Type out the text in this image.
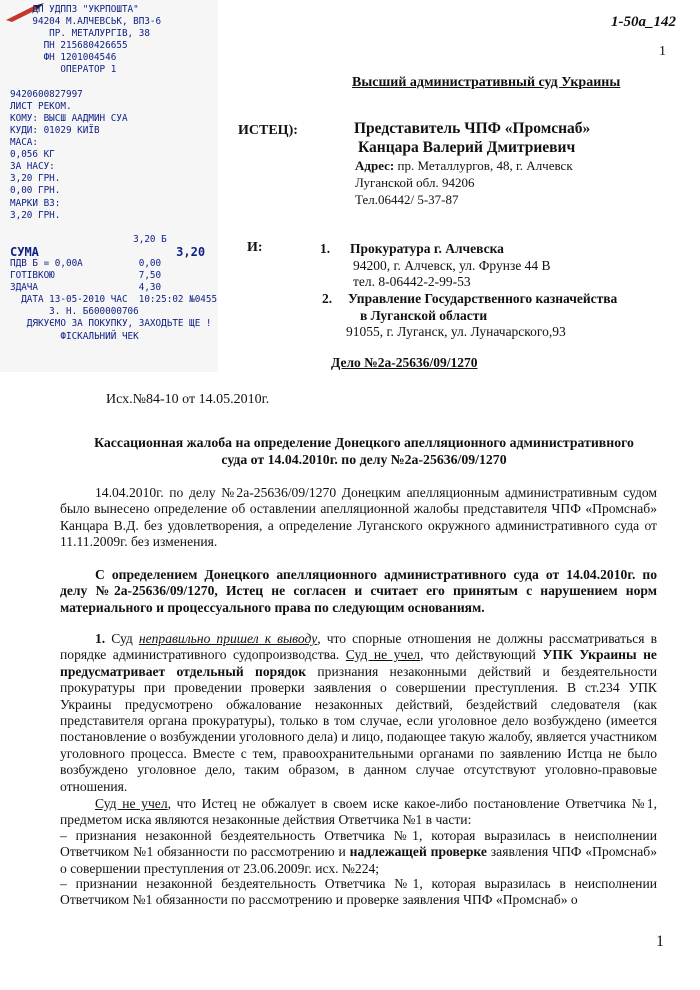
1-50a_142
1
ДП УДППЗ "УКРПОШТА"
94204 М.АЛЧЕВСЬК, ВПЗ-6
ПР. МЕТАЛУРГІВ, 38
ПН 215680426655
ФН 1201004546
ОПЕРАТОР 1

9420600827997
ЛИСТ РЕКОМ.
КОМУ: ВЫСШ ААДМИН СУА
КУДИ: 01029 КИЇВ
МАСА:
0,056 КГ
ЗА НАСУ:
3,20 ГРН.
0,00 ГРН.
МАРКИ ВЗ:
3,20 ГРН.

3,20 Б
СУМА                   3,20
ПДВ Б = 0,00А          0,00
ГОТІВКОЮ               7,50
ЗДАЧА                  4,30
ДАТА 13-05-2010 ЧАС  10:25:02 №0455
З. Н. Б600000706
ДЯКУЄМО ЗА ПОКУПКУ, ЗАХОДЬТЕ ЩЕ !
ФІСКАЛЬНИЙ ЧЕК
Высший административный суд Украины
ИСТЕЦ):	Представитель ЧПФ «Промснаб»
Канцара Валерий Дмитриевич
Адрес: пр. Металлургов, 48, г. Алчевск
Луганской обл. 94206
Тел.06442/ 5-37-87
И:	1. Прокуратура г. Алчевска
94200, г. Алчевск, ул. Фрунзе 44 В
тел. 8-06442-2-99-53
2. Управление Государственного казначейства
в Луганской области
91055, г. Луганск, ул. Луначарского,93
Дело №2а-25636/09/1270
Исх.№84-10 от 14.05.2010г.
Кассационная жалоба на определение Донецкого апелляционного административного суда от 14.04.2010г. по делу №2а-25636/09/1270

14.04.2010г. по делу №2а-25636/09/1270 Донецким апелляционным административным судом было вынесено определение об оставлении апелляционной жалобы представителя ЧПФ «Промснаб» Канцара В.Д. без удовлетворения, а определение Луганского окружного административного суда от 11.11.2009г. без изменения.

С определением Донецкого апелляционного административного суда от 14.04.2010г. по делу №2а-25636/09/1270, Истец не согласен и считает его принятым с нарушением норм материального и процессуального права по следующим основаниям.

1. Суд неправильно пришел к выводу, что спорные отношения не должны рассматриваться в порядке административного судопроизводства. Суд не учел, что действующий УПК Украины не предусматривает отдельный порядок признания незаконными действий и бездеятельности прокуратуры при проведении проверки заявления о совершении преступления. В ст.234 УПК Украины предусмотрено обжалование незаконных действий, бездействий следователя (как представителя органа прокуратуры), только в том случае, если уголовное дело возбуждено (имеется постановление о возбуждении уголовного дела) и лицо, подающее такую жалобу, является участником уголовного процесса. Вместе с тем, правоохранительными органами по заявлению Истца не было возбуждено уголовное дело, таким образом, в данном случае отсутствуют уголовно-правовые отношения.

Суд не учел, что Истец не обжалует в своем иске какое-либо постановление Ответчика №1, предметом иска являются незаконные действия Ответчика №1 в части:

– признания незаконной бездеятельность Ответчика №1, которая выразилась в неисполнении Ответчиком №1 обязанности по рассмотрению и надлежащей проверке заявления ЧПФ «Промснаб» о совершении преступления от 23.06.2009г. исх. №224;

– признании незаконной бездеятельность Ответчика №1, которая выразилась в неисполнении Ответчиком №1 обязанности по рассмотрению и проверке заявления ЧПФ «Промснаб» о

1
